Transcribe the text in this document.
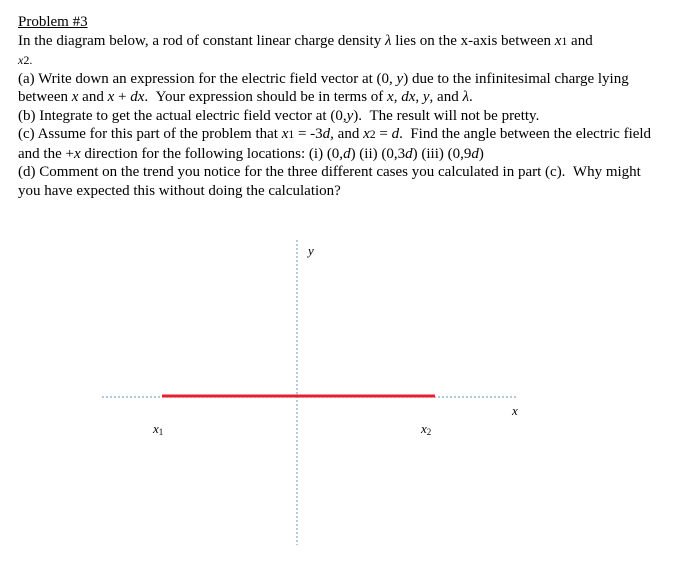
Problem #3

In the diagram below, a rod of constant linear charge density λ lies on the x-axis between x1 and
x2.

(a) Write down an expression for the electric field vector at (0, y) due to the infinitesimal charge lying between x and x + dx.  Your expression should be in terms of x, dx, y, and λ.

(b) Integrate to get the actual electric field vector at (0,y).  The result will not be pretty.

(c) Assume for this part of the problem that x1 = -3d, and x2 = d.  Find the angle between the electric field and the +x direction for the following locations: (i) (0,d) (ii) (0,3d) (iii) (0,9d)

(d) Comment on the trend you notice for the three different cases you calculated in part (c).  Why might you have expected this without doing the calculation?

y
x
x1	x2
